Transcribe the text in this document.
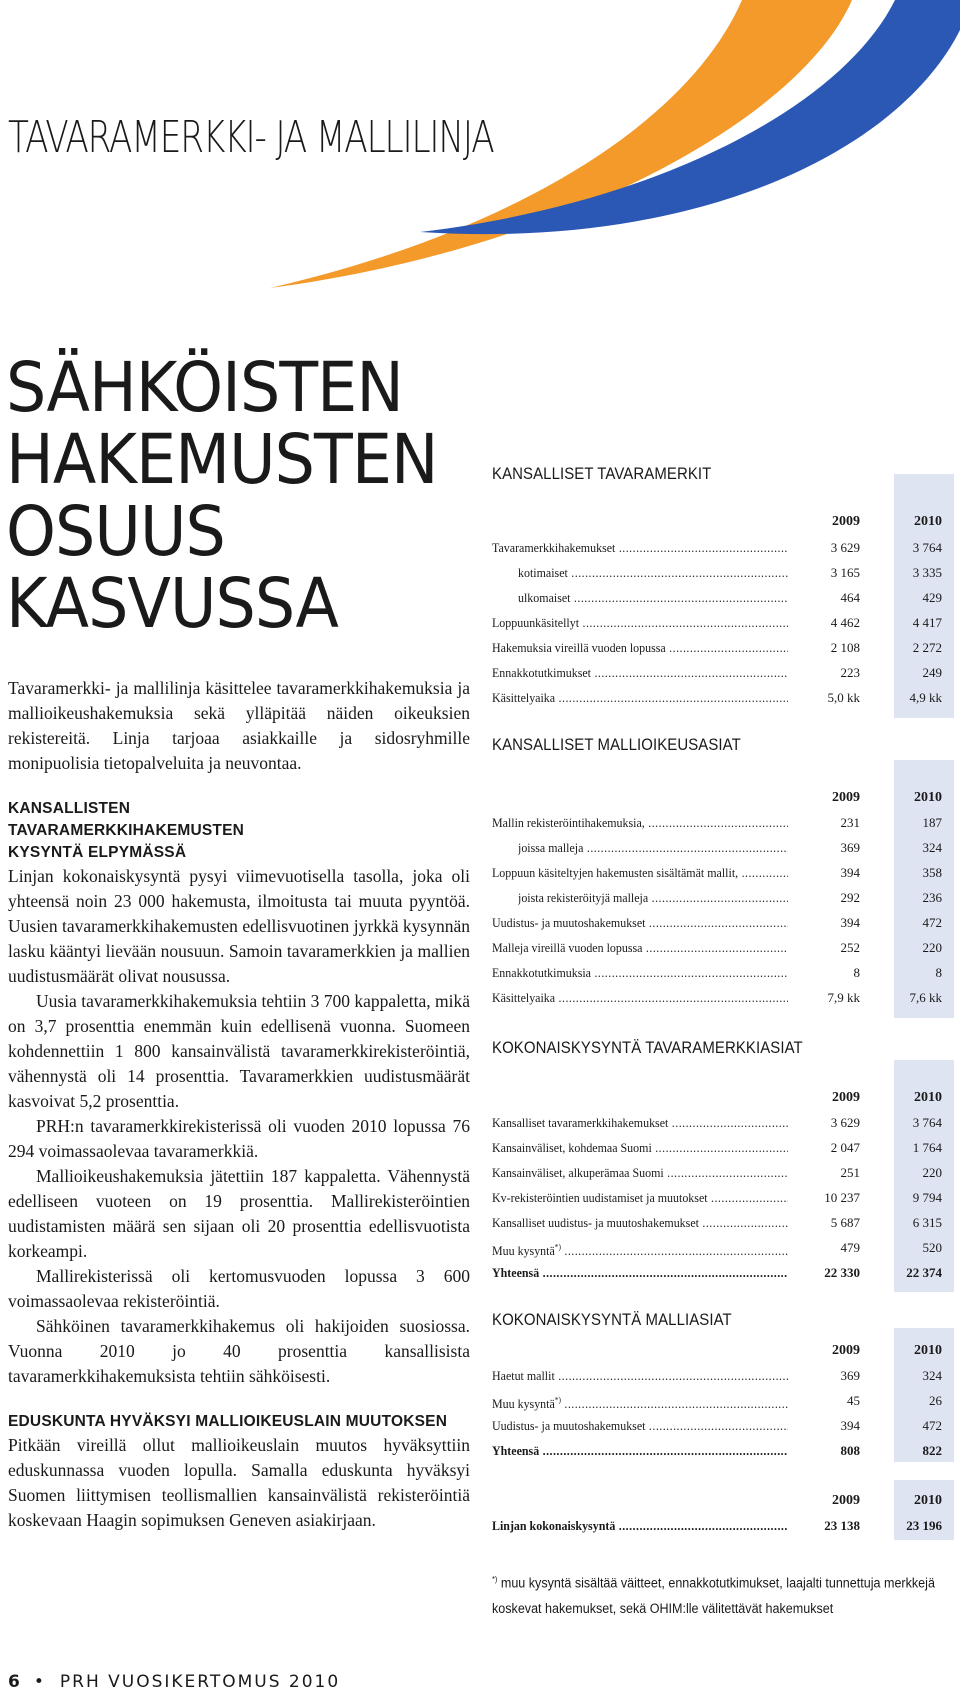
TAVARAMERKKI- JA MALLILINJA
SÄHKÖISTEN
HAKEMUSTEN
OSUUS
KASVUSSA

Tavaramerkki- ja mallilinja käsittelee tavaramerkkihakemuksia ja mallioikeushakemuksia sekä ylläpitää näiden oikeuksien rekistereitä. Linja tarjoaa asiakkaille ja sidosryhmille monipuolisia tietopalveluita ja neuvontaa.

KANSALLISTEN TAVARAMERKKIHAKEMUSTEN KYSYNTÄ ELPYMÄSSÄ

Linjan kokonaiskysyntä pysyi viimevuotisella tasolla, joka oli yhteensä noin 23 000 hakemusta, ilmoitusta tai muuta pyyntöä. Uusien tavaramerkkihakemusten edellisvuotinen jyrkkä kysynnän lasku kääntyi lievään nousuun. Samoin tavaramerkkien ja mallien uudistusmäärät olivat nousussa.

Uusia tavaramerkkihakemuksia tehtiin 3 700 kappaletta, mikä on 3,7 prosenttia enemmän kuin edellisenä vuonna. Suomeen kohdennettiin 1 800 kansainvälistä tavaramerkkirekisteröintiä, vähennystä oli 14 prosenttia. Tavaramerkkien uudistusmäärät kasvoivat 5,2 prosenttia.

PRH:n tavaramerkkirekisterissä oli vuoden 2010 lopussa 76 294 voimassaolevaa tavaramerkkiä.

Mallioikeushakemuksia jätettiin 187 kappaletta. Vähennystä edelliseen vuoteen on 19 prosenttia. Mallirekisteröintien uudistamisten määrä sen sijaan oli 20 prosenttia edellisvuotista korkeampi.

Mallirekisterissä oli kertomusvuoden lopussa 3 600 voimassaolevaa rekisteröintiä.

Sähköinen tavaramerkkihakemus oli hakijoiden suosiossa. Vuonna 2010 jo 40 prosenttia kansallisista tavaramerkkihakemuksista tehtiin sähköisesti.

EDUSKUNTA HYVÄKSYI MALLIOIKEUSLAIN MUUTOKSEN

Pitkään vireillä ollut mallioikeuslain muutos hyväksyttiin eduskunnassa vuoden lopulla. Samalla eduskunta hyväksyi Suomen liittymisen teollismallien kansainvälistä rekisteröintiä koskevaan Haagin sopimuksen Geneven asiakirjaan.

KANSALLISET TAVARAMERKIT
2009	2010
Tavaramerkkihakemukset .....	3 629	3 764
kotimaiset .....	3 165	3 335
ulkomaiset .....	464	429
Loppuunkäsitellyt .....	4 462	4 417
Hakemuksia vireillä vuoden lopussa .....	2 108	2 272
Ennakkotutkimukset .....	223	249
Käsittelyaika .....	5,0 kk	4,9 kk
KANSALLISET MALLIOIKEUSASIAT
2009	2010
Mallin rekisteröintihakemuksia, .....	231	187
joissa malleja .....	369	324
Loppuun käsiteltyjen hakemusten sisältämät mallit, .....	394	358
joista rekisteröityjä malleja .....	292	236
Uudistus- ja muutoshakemukset .....	394	472
Malleja vireillä vuoden lopussa .....	252	220
Ennakkotutkimuksia .....	8	8
Käsittelyaika .....	7,9 kk	7,6 kk
KOKONAISKYSYNTÄ TAVARAMERKKIASIAT
2009	2010
Kansalliset tavaramerkkihakemukset .....	3 629	3 764
Kansainväliset, kohdemaa Suomi .....	2 047	1 764
Kansainväliset, alkuperämaa Suomi .....	251	220
Kv-rekisteröintien uudistamiset ja muutokset .....	10 237	9 794
Kansalliset uudistus- ja muutoshakemukset .....	5 687	6 315
Muu kysyntä*) .....	479	520
Yhteensä .....	22 330	22 374
KOKONAISKYSYNTÄ MALLIASIAT
2009	2010
Haetut mallit .....	369	324
Muu kysyntä*) .....	45	26
Uudistus- ja muutoshakemukset .....	394	472
Yhteensä .....	808	822
2009	2010
Linjan kokonaiskysyntä .....	23 138	23 196
*) muu kysyntä sisältää väitteet, ennakkotutkimukset, laajalti tunnettuja merkkejä koskevat hakemukset, sekä OHIM:lle välitettävät hakemukset
6 • PRH VUOSIKERTOMUS 2010
